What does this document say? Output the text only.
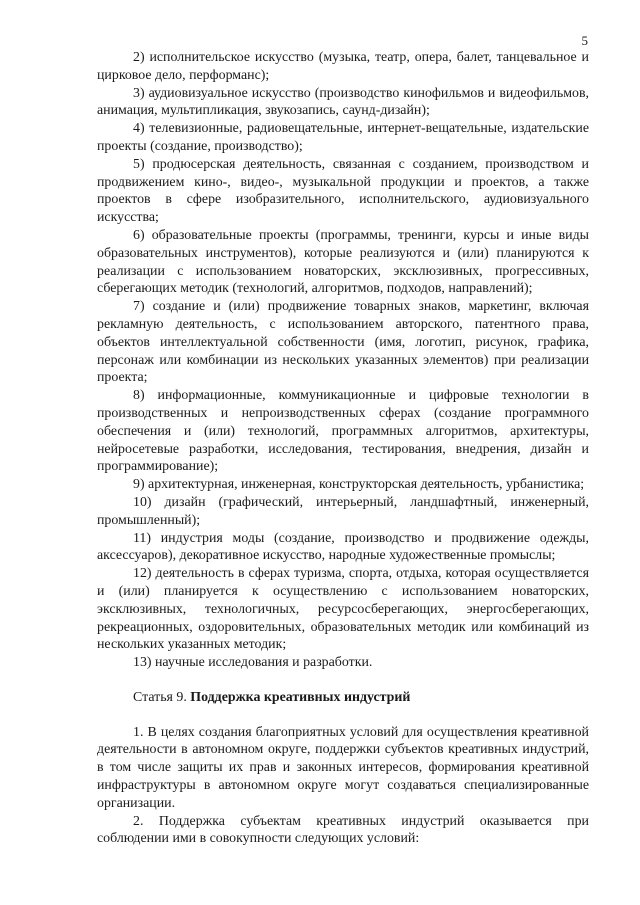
5

2) исполнительское искусство (музыка, театр, опера, балет, танцевальное и цирковое дело, перформанс);

3) аудиовизуальное искусство (производство кинофильмов и видеофильмов, анимация, мультипликация, звукозапись, саунд-дизайн);

4) телевизионные, радиовещательные, интернет-вещательные, издательские проекты (создание, производство);

5) продюсерская деятельность, связанная с созданием, производством и продвижением кино-, видео-, музыкальной продукции и проектов, а также проектов в сфере изобразительного, исполнительского, аудиовизуального искусства;

6) образовательные проекты (программы, тренинги, курсы и иные виды образовательных инструментов), которые реализуются и (или) планируются к реализации с использованием новаторских, эксклюзивных, прогрессивных, сберегающих методик (технологий, алгоритмов, подходов, направлений);

7) создание и (или) продвижение товарных знаков, маркетинг, включая рекламную деятельность, с использованием авторского, патентного права, объектов интеллектуальной собственности (имя, логотип, рисунок, графика, персонаж или комбинации из нескольких указанных элементов) при реализации проекта;

8) информационные, коммуникационные и цифровые технологии в производственных и непроизводственных сферах (создание программного обеспечения и (или) технологий, программных алгоритмов, архитектуры, нейросетевые разработки, исследования, тестирования, внедрения, дизайн и программирование);

9) архитектурная, инженерная, конструкторская деятельность, урбанистика;

10) дизайн (графический, интерьерный, ландшафтный, инженерный, промышленный);

11) индустрия моды (создание, производство и продвижение одежды, аксессуаров), декоративное искусство, народные художественные промыслы;

12) деятельность в сферах туризма, спорта, отдыха, которая осуществляется и (или) планируется к осуществлению с использованием новаторских, эксклюзивных, технологичных, ресурсосберегающих, энергосберегающих, рекреационных, оздоровительных, образовательных методик или комбинаций из нескольких указанных методик;

13) научные исследования и разработки.

Статья 9. Поддержка креативных индустрий

1. В целях создания благоприятных условий для осуществления креативной деятельности в автономном округе, поддержки субъектов креативных индустрий, в том числе защиты их прав и законных интересов, формирования креативной инфраструктуры в автономном округе могут создаваться специализированные организации.

2. Поддержка субъектам креативных индустрий оказывается при соблюдении ими в совокупности следующих условий:
